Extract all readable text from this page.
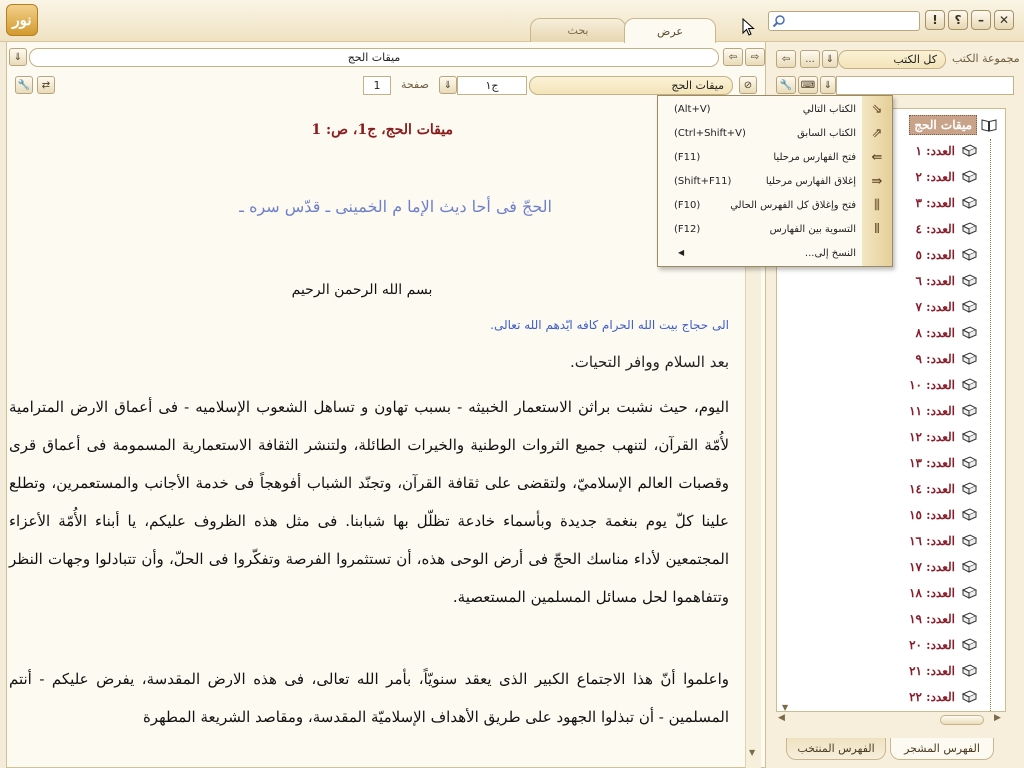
نور
بحث	عرض
!	؟	–	✕
⇓	ميقات الحج	⇦	⇨
🔧	⇄	1	صفحة	⇓	ج١	ميقات الحج	⊘
ميقات الحج، ج1، ص: 1
الحجّ فى أحا ديث الإما م الخمينى ـ قدّس سره ـ
بسم الله الرحمن الرحيم
الى حجاج بيت الله الحرام كافه ايّدهم الله تعالى.
بعد السلام ووافر التحيات.
اليوم، حيث نشبت براثن الاستعمار الخبيثه - بسبب تهاون و تساهل الشعوب الإسلاميه - فى أعماق الارض المترامية لأُمّة القرآن، لتنهب جميع الثروات الوطنية والخيرات الطائلة، ولتنشر الثقافة الاستعمارية المسمومة فى أعماق قرى وقصبات العالم الإسلاميّ، ولتقضى على ثقافة القرآن، وتجنّد الشباب أفوهجاً فى خدمة الأجانب والمستعمرين، وتطلع علينا كلّ يوم بنغمة جديدة وبأسماء خادعة تظلّل بها شبابنا. فى مثل هذه الظروف عليكم، يا أبناء الأُمّة الأعزاء المجتمعين لأداء مناسك الحجّ فى أرض الوحى هذه، أن تستثمروا الفرصة وتفكّروا فى الحلّ، وأن تتبادلوا وجهات النظر وتتفاهموا لحل مسائل المسلمين المستعصية.
واعلموا أنّ هذا الاجتماع الكبير الذى يعقد سنويّاً، بأمر الله تعالى، فى هذه الارض المقدسة، يفرض عليكم - أنتم المسلمين - أن تبذلوا الجهود على طريق الأهداف الإسلاميّة المقدسة، ومقاصد الشريعة المطهرة
▼
مجموعة الكتب
كل الكتب
⇓
...
⇦
🔧 ⌨ ⇓
ميقات الحج
العدد: ١
العدد: ٢
العدد: ٣
العدد: ٤
العدد: ٥
العدد: ٦
العدد: ٧
العدد: ٨
العدد: ٩
العدد: ١٠
العدد: ١١
العدد: ١٢
العدد: ١٣
العدد: ١٤
العدد: ١٥
العدد: ١٦
العدد: ١٧
العدد: ١٨
العدد: ١٩
العدد: ٢٠
العدد: ٢١
العدد: ٢٢
▼
◀	▶
الفهرس المنتخب	الفهرس المشجر
⇘
الكتاب التالي
(Alt+V)
⇗
الكتاب السابق
(Ctrl+Shift+V)
⇚
فتح الفهارس مرحليا
(F11)
⇛
إغلاق الفهارس مرحليا
(Shift+F11)
⫼
فتح وإغلاق كل الفهرس الحالي
(F10)
⫴
التسوية بين الفهارس
(F12)
النسخ إلى...
◀
